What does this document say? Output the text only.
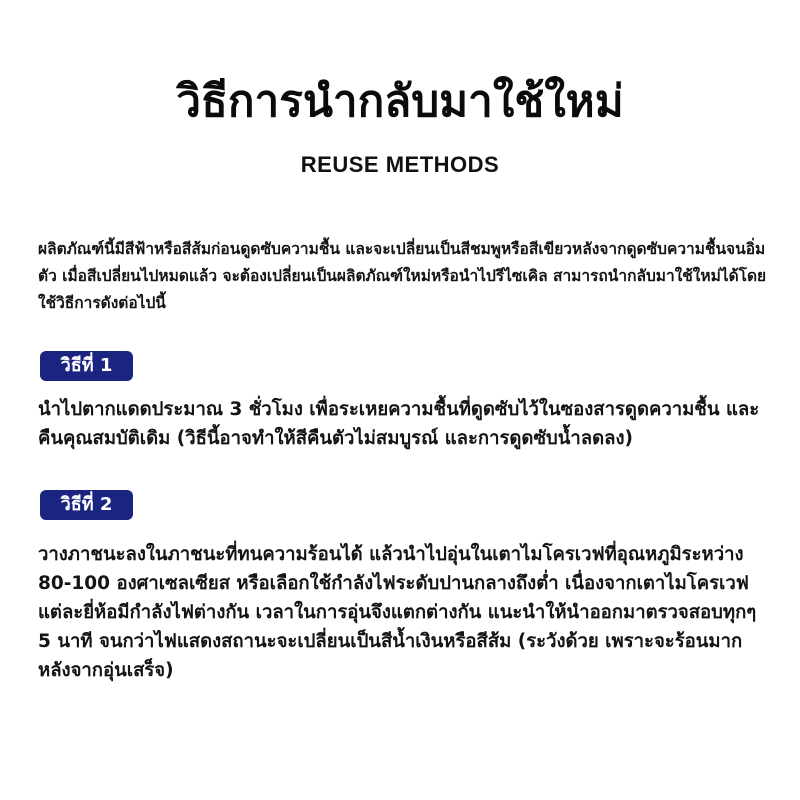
วิธีการนำกลับมาใช้ใหม่
REUSE METHODS

ผลิตภัณฑ์นี้มีสีฟ้าหรือสีส้มก่อนดูดซับความชื้น และจะเปลี่ยนเป็นสีชมพูหรือสีเขียวหลังจากดูดซับความชื้นจนอิ่มตัว เมื่อสีเปลี่ยนไปหมดแล้ว จะต้องเปลี่ยนเป็นผลิตภัณฑ์ใหม่หรือนำไปรีไซเคิล สามารถนำกลับมาใช้ใหม่ได้โดยใช้วิธีการดังต่อไปนี้

วิธีที่ 1

นำไปตากแดดประมาณ 3 ชั่วโมง เพื่อระเหยความชื้นที่ดูดซับไว้ในซองสารดูดความชื้น และคืนคุณสมบัติเดิม (วิธีนี้อาจทำให้สีคืนตัวไม่สมบูรณ์ และการดูดซับน้ำลดลง)

วิธีที่ 2

วางภาชนะลงในภาชนะที่ทนความร้อนได้ แล้วนำไปอุ่นในเตาไมโครเวฟที่อุณหภูมิระหว่าง 80-100 องศาเซลเซียส หรือเลือกใช้กำลังไฟระดับปานกลางถึงต่ำ เนื่องจากเตาไมโครเวฟแต่ละยี่ห้อมีกำลังไฟต่างกัน เวลาในการอุ่นจึงแตกต่างกัน แนะนำให้นำออกมาตรวจสอบทุกๆ 5 นาที จนกว่าไฟแสดงสถานะจะเปลี่ยนเป็นสีน้ำเงินหรือสีส้ม (ระวังด้วย เพราะจะร้อนมากหลังจากอุ่นเสร็จ)
